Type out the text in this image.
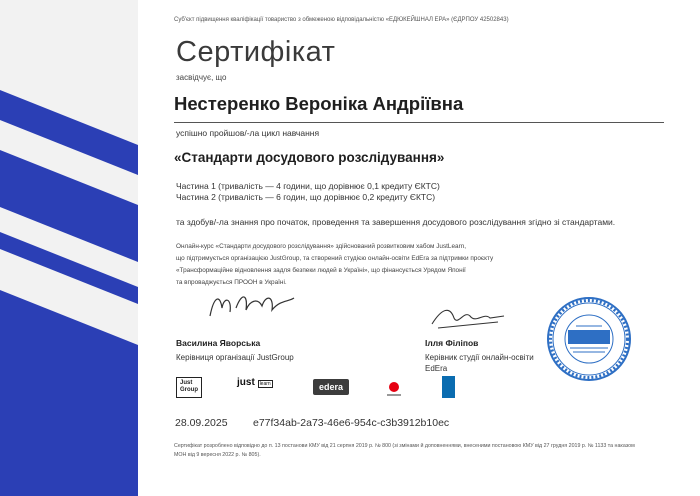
Суб'єкт підвищення кваліфікації товариство з обмеженою відповідальністю «ЕДЮКЕЙШНАЛ ЕРА» (ЄДРПОУ 42502843)
Сертифікат
засвідчує, що
Нестеренко Вероніка Андріївна
успішно пройшов/-ла цикл навчання
«Стандарти досудового розслідування»
Частина 1 (тривалість — 4 години, що дорівнює 0,1 кредиту ЄКТС)
Частина 2 (тривалість — 6 годин, що дорівнює 0,2 кредиту ЄКТС)
та здобув/-ла знання про початок, проведення та завершення досудового розслідування згідно зі стандартами.
Онлайн-курс «Стандарти досудового розслідування» здійснований розвитковим хабом JustLearn,
що підтримується організацією JustGroup, та створений студією онлайн-освіти EdEra за підтримки проєкту
«Трансформаційне відновлення задля безпеки людей в Україні», що фінансується Урядом Японії
та впроваджується ПРООН в Україні.
Василина Яворська
Керівниця організації JustGroup
Ілля Філіпов
Керівник студії онлайн-освіти EdEra
Just Group
just learn	edera
28.09.2025 e77f34ab-2a73-46e6-954c-c3b3912b10ec
Сертифікат розроблено відповідно до п. 13 постанови КМУ від 21 серпня 2019 р. № 800 (зі змінами й доповненнями, внесеними постановою КМУ від 27 грудня 2019 р. № 1133 та наказом МОН від 9 вересня 2022 р. № 805).
